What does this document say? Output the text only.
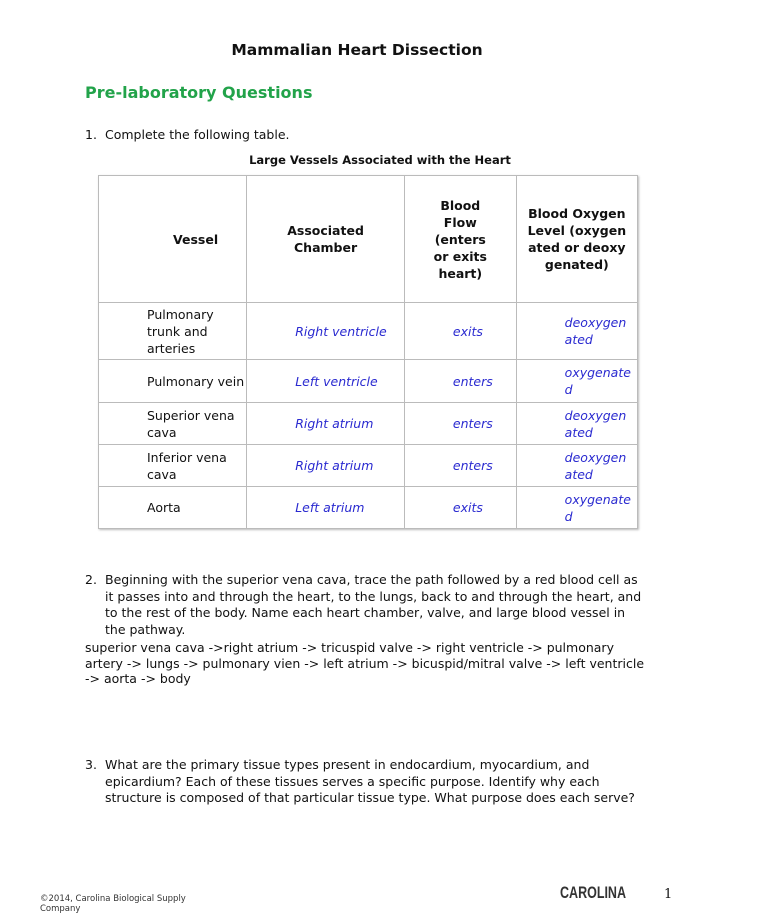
Mammalian Heart Dissection
Pre-laboratory Questions
1. Complete the following table.
Large Vessels Associated with the Heart
Vessel	Associated Chamber	Blood Flow (enters or exits heart)	Blood Oxygen Level (oxygenated or deoxygenated)
Pulmonary trunk and arteries	Right ventricle	exits	deoxygenated
Pulmonary vein	Left ventricle	enters	oxygenated
Superior vena cava	Right atrium	enters	deoxygenated
Inferior vena cava	Right atrium	enters	deoxygenated
Aorta	Left atrium	exits	oxygenated
2. Beginning with the superior vena cava, trace the path followed by a red blood cell as it passes into and through the heart, to the lungs, back to and through the heart, and to the rest of the body. Name each heart chamber, valve, and large blood vessel in the pathway.
superior vena cava ->right atrium -> tricuspid valve -> right ventricle -> pulmonary artery -> lungs -> pulmonary vien -> left atrium -> bicuspid/mitral valve -> left ventricle -> aorta -> body
3. What are the primary tissue types present in endocardium, myocardium, and epicardium? Each of these tissues serves a specific purpose. Identify why each structure is composed of that particular tissue type. What purpose does each serve?
©2014, Carolina Biological Supply Company
CAROLINA	1
